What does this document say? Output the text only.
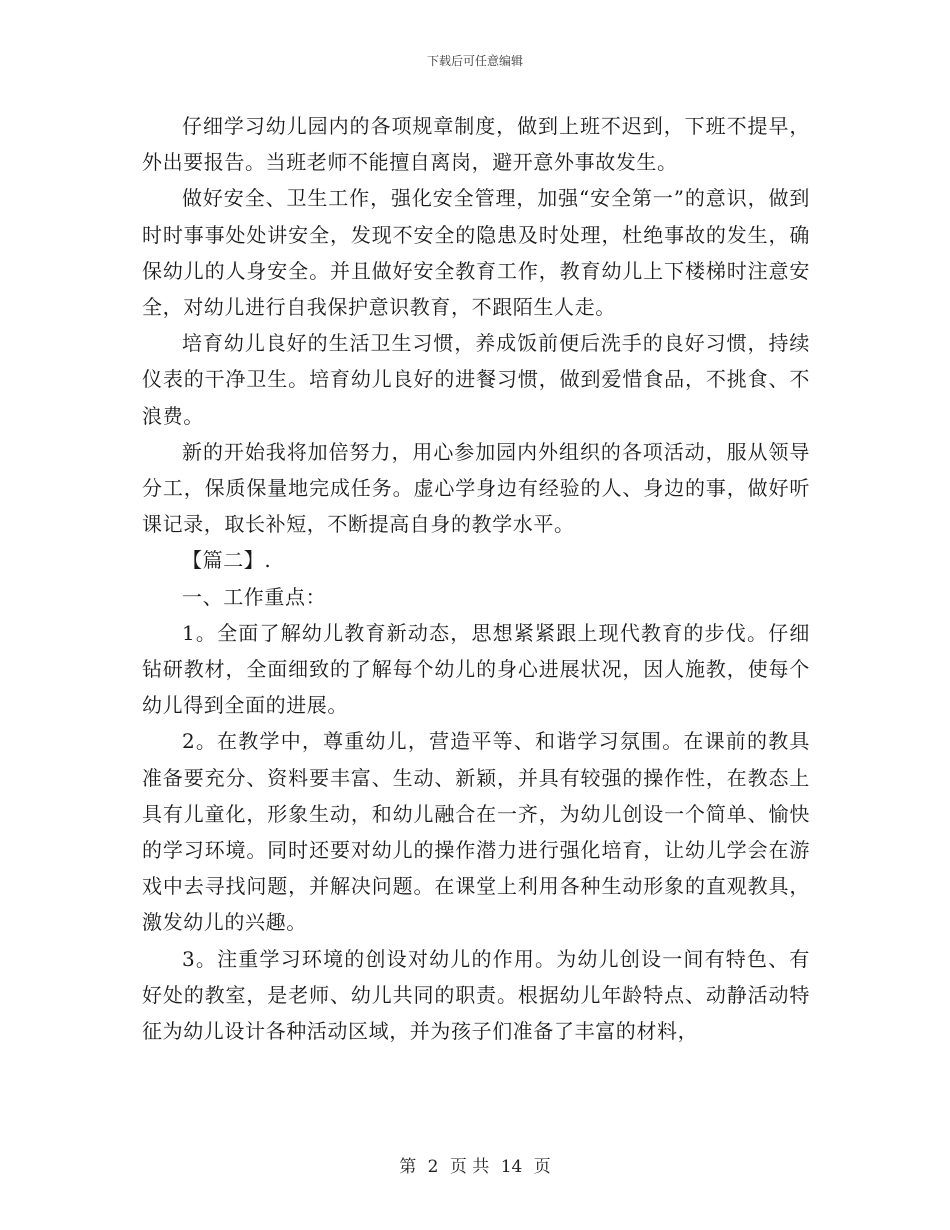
下载后可任意编辑

仔细学习幼儿园内的各项规章制度，做到上班不迟到，下班不提早，外出要报告。当班老师不能擅自离岗，避开意外事故发生。

做好安全、卫生工作，强化安全管理，加强“安全第一”的意识，做到时时事事处处讲安全，发现不安全的隐患及时处理，杜绝事故的发生，确保幼儿的人身安全。并且做好安全教育工作，教育幼儿上下楼梯时注意安全，对幼儿进行自我保护意识教育，不跟陌生人走。

培育幼儿良好的生活卫生习惯，养成饭前便后洗手的良好习惯，持续仪表的干净卫生。培育幼儿良好的进餐习惯，做到爱惜食品，不挑食、不浪费。

新的开始我将加倍努力，用心参加园内外组织的各项活动，服从领导分工，保质保量地完成任务。虚心学身边有经验的人、身边的事，做好听课记录，取长补短，不断提高自身的教学水平。

【篇二】.

一、工作重点：

1。全面了解幼儿教育新动态，思想紧紧跟上现代教育的步伐。仔细钻研教材，全面细致的了解每个幼儿的身心进展状况，因人施教，使每个幼儿得到全面的进展。

2。在教学中，尊重幼儿，营造平等、和谐学习氛围。在课前的教具准备要充分、资料要丰富、生动、新颖，并具有较强的操作性，在教态上具有儿童化，形象生动，和幼儿融合在一齐，为幼儿创设一个简单、愉快的学习环境。同时还要对幼儿的操作潜力进行强化培育，让幼儿学会在游戏中去寻找问题，并解决问题。在课堂上利用各种生动形象的直观教具，激发幼儿的兴趣。

3。注重学习环境的创设对幼儿的作用。为幼儿创设一间有特色、有好处的教室，是老师、幼儿共同的职责。根据幼儿年龄特点、动静活动特征为幼儿设计各种活动区域，并为孩子们准备了丰富的材料，

第 2 页 共 14 页
